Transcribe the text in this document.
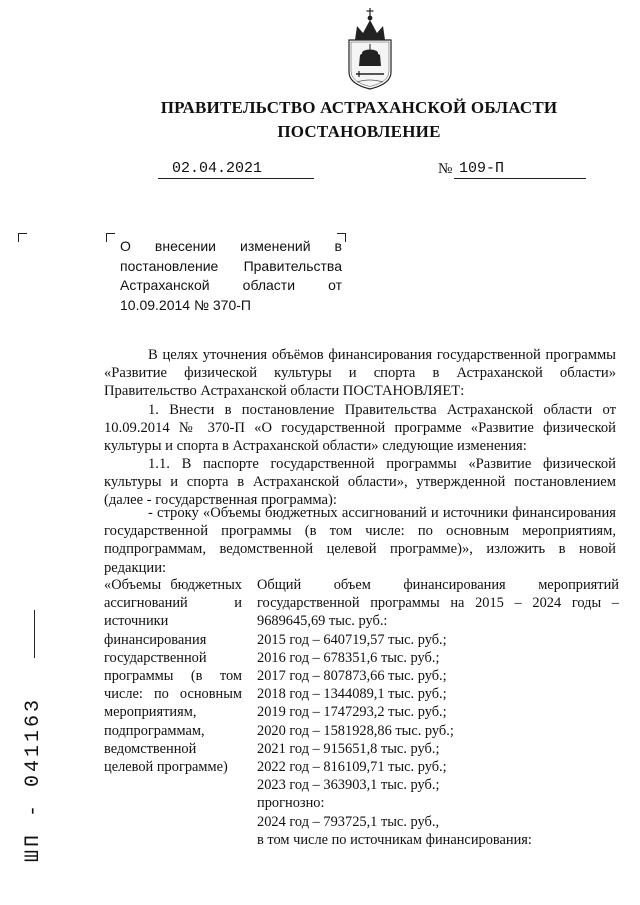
ПРАВИТЕЛЬСТВО АСТРАХАНСКОЙ ОБЛАСТИ
ПОСТАНОВЛЕНИЕ
02.04.2021	№ 109-П
О внесении изменений в постановление Правительства Астраханской области от 10.09.2014 № 370-П
В целях уточнения объёмов финансирования государственной программы «Развитие физической культуры и спорта в Астраханской области» Правительство Астраханской области ПОСТАНОВЛЯЕТ:
1. Внести в постановление Правительства Астраханской области от 10.09.2014 № 370-П «О государственной программе «Развитие физической культуры и спорта в Астраханской области» следующие изменения:
1.1. В паспорте государственной программы «Развитие физической культуры и спорта в Астраханской области», утвержденной постановлением (далее - государственная программа):
- строку «Объемы бюджетных ассигнований и источники финансирования государственной программы (в том числе: по основным мероприятиям, подпрограммам, ведомственной целевой программе)», изложить в новой редакции:
«Объемы бюджетных ассигнований и источники финансирования государственной программы (в том числе: по основным мероприятиям, подпрограммам, ведомственной целевой программе)
Общий объем финансирования мероприятий государственной программы на 2015 – 2024 годы – 9689645,69 тыс. руб.:
2015 год – 640719,57 тыс. руб.;
2016 год – 678351,6 тыс. руб.;
2017 год – 807873,66 тыс. руб.;
2018 год – 1344089,1 тыс. руб.;
2019 год – 1747293,2 тыс. руб.;
2020 год – 1581928,86 тыс. руб.;
2021 год – 915651,8 тыс. руб.;
2022 год – 816109,71 тыс. руб.;
2023 год – 363903,1 тыс. руб.;
прогнозно:
2024 год – 793725,1 тыс. руб.,
в том числе по источникам финансирования:
ШП - 041163
